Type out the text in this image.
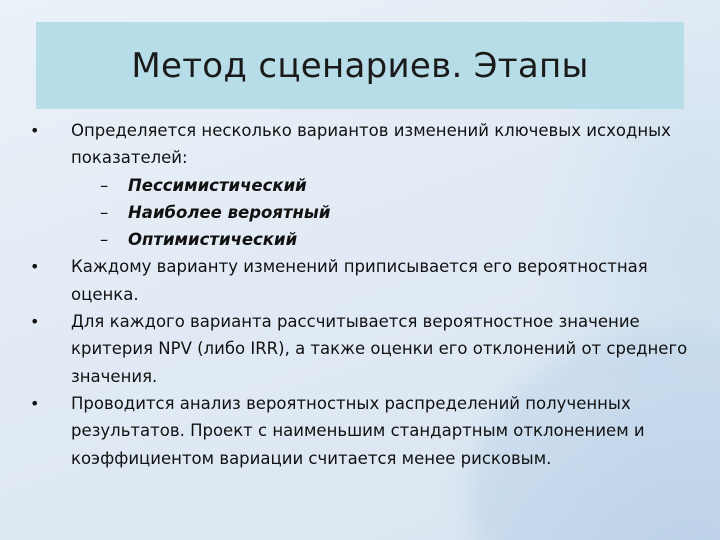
Метод сценариев. Этапы
•	Определяется несколько вариантов изменений ключевых исходных показателей:
– Пессимистический
– Наиболее вероятный
– Оптимистический
•	Каждому варианту изменений приписывается его вероятностная оценка.
•	Для каждого варианта рассчитывается вероятностное значение критерия NPV (либо IRR), а также оценки его отклонений от среднего значения.
•	Проводится анализ вероятностных распределений полученных результатов. Проект с наименьшим стандартным отклонением и коэффициентом вариации считается менее рисковым.
